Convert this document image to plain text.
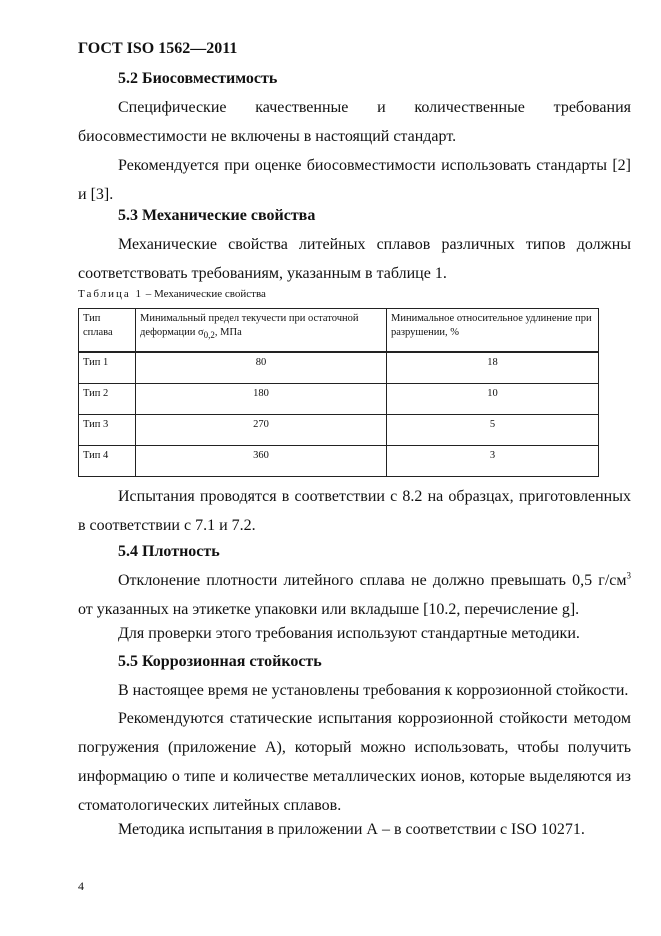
ГОСТ ISO 1562—2011
5.2 Биосовместимость
Специфические качественные и количественные требования
биосовместимости не включены в настоящий стандарт.
Рекомендуется при оценке биосовместимости использовать стандарты [2] и [3].
5.3 Механические свойства
Механические свойства литейных сплавов различных типов должны соответствовать требованиям, указанным в таблице 1.
Таблица 1 – Механические свойства
Тип сплава	Минимальный предел текучести при остаточной деформации $\sigma_{0,2}$, МПа	Минимальное относительное удлинение при разрушении, %
Тип 1	80	18
Тип 2	180	10
Тип 3	270	5
Тип 4	360	3
Испытания проводятся в соответствии с 8.2 на образцах, приготовленных в соответствии с 7.1 и 7.2.
5.4 Плотность
Отклонение плотности литейного сплава не должно превышать 0,5 $г/см^3$ от указанных на этикетке упаковки или вкладыше [10.2, перечисление g].
Для проверки этого требования используют стандартные методики.
5.5 Коррозионная стойкость
В настоящее время не установлены требования к коррозионной стойкости.
Рекомендуются статические испытания коррозионной стойкости методом погружения (приложение А), который можно использовать, чтобы получить информацию о типе и количестве металлических ионов, которые выделяются из стоматологических литейных сплавов.
Методика испытания в приложении А – в соответствии с ISO 10271.
4
